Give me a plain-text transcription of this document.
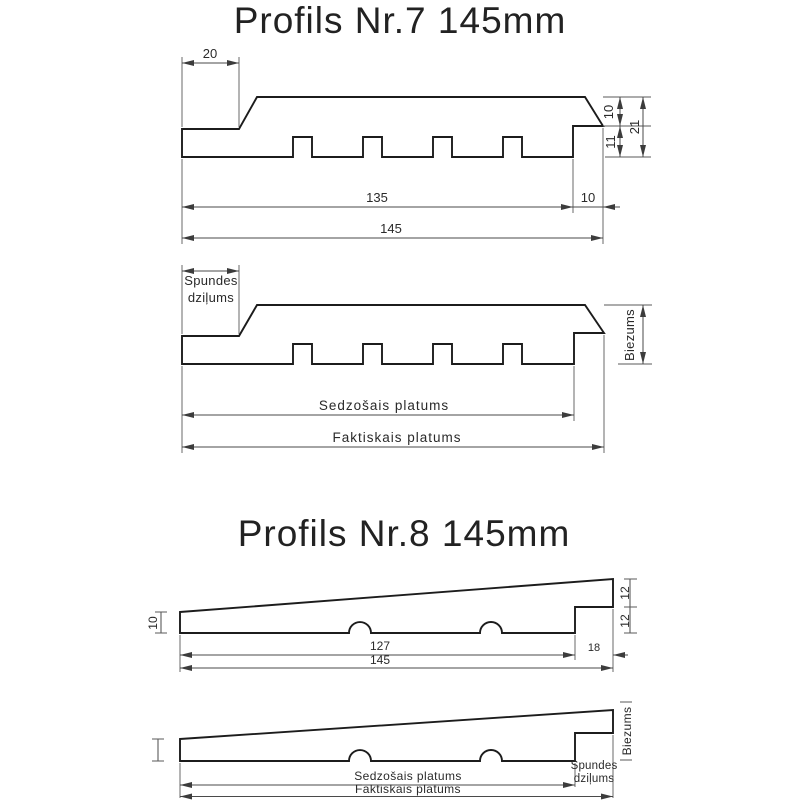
Profils Nr.7 145mm
20
10
11
21
135	10
145
Spundes
dziļums
Biezums
Sedzošais platums
Faktiskais platums
Profils Nr.8 145mm
10
12
12
127	18
145
Biezums
Spundes
dziļums
Sedzošais platums
Faktiskais platums
